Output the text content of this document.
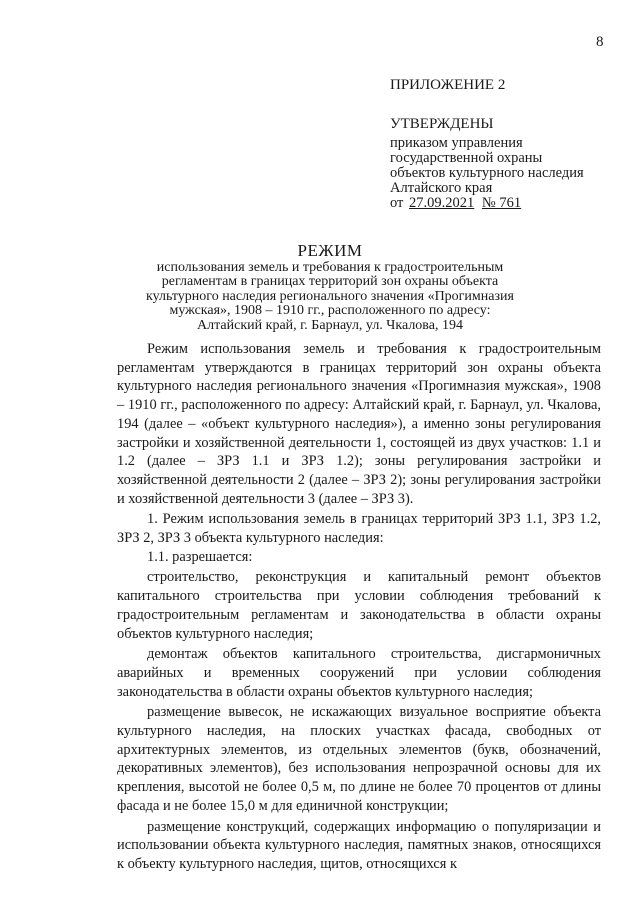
8
ПРИЛОЖЕНИЕ 2
УТВЕРЖДЕНЫ
приказом управления
государственной охраны
объектов культурного наследия
Алтайского края
от 27.09.2021 № 761
РЕЖИМ
использования земель и требования к градостроительным
регламентам в границах территорий зон охраны объекта
культурного наследия регионального значения «Прогимназия
мужская», 1908 – 1910 гг., расположенного по адресу:
Алтайский край, г. Барнаул, ул. Чкалова, 194

Режим использования земель и требования к градостроительным регламентам утверждаются в границах территорий зон охраны объекта культурного наследия регионального значения «Прогимназия мужская», 1908 – 1910 гг., расположенного по адресу: Алтайский край, г. Барнаул, ул. Чкалова, 194 (далее – «объект культурного наследия»), а именно зоны регулирования застройки и хозяйственной деятельности 1, состоящей из двух участков: 1.1 и 1.2 (далее – ЗРЗ 1.1 и ЗРЗ 1.2); зоны регулирования застройки и хозяйственной деятельности 2 (далее – ЗРЗ 2); зоны регулирования застройки и хозяйственной деятельности 3 (далее – ЗРЗ 3).

1. Режим использования земель в границах территорий ЗРЗ 1.1, ЗРЗ 1.2, ЗРЗ 2, ЗРЗ 3 объекта культурного наследия:

1.1. разрешается:

строительство, реконструкция и капитальный ремонт объектов капитального строительства при условии соблюдения требований к градостроительным регламентам и законодательства в области охраны объектов культурного наследия;

демонтаж объектов капитального строительства, дисгармоничных аварийных и временных сооружений при условии соблюдения законодательства в области охраны объектов культурного наследия;

размещение вывесок, не искажающих визуальное восприятие объекта культурного наследия, на плоских участках фасада, свободных от архитектурных элементов, из отдельных элементов (букв, обозначений, декоративных элементов), без использования непрозрачной основы для их крепления, высотой не более 0,5 м, по длине не более 70 процентов от длины фасада и не более 15,0 м для единичной конструкции;

размещение конструкций, содержащих информацию о популяризации и использовании объекта культурного наследия, памятных знаков, относящихся к объекту культурного наследия, щитов, относящихся к
